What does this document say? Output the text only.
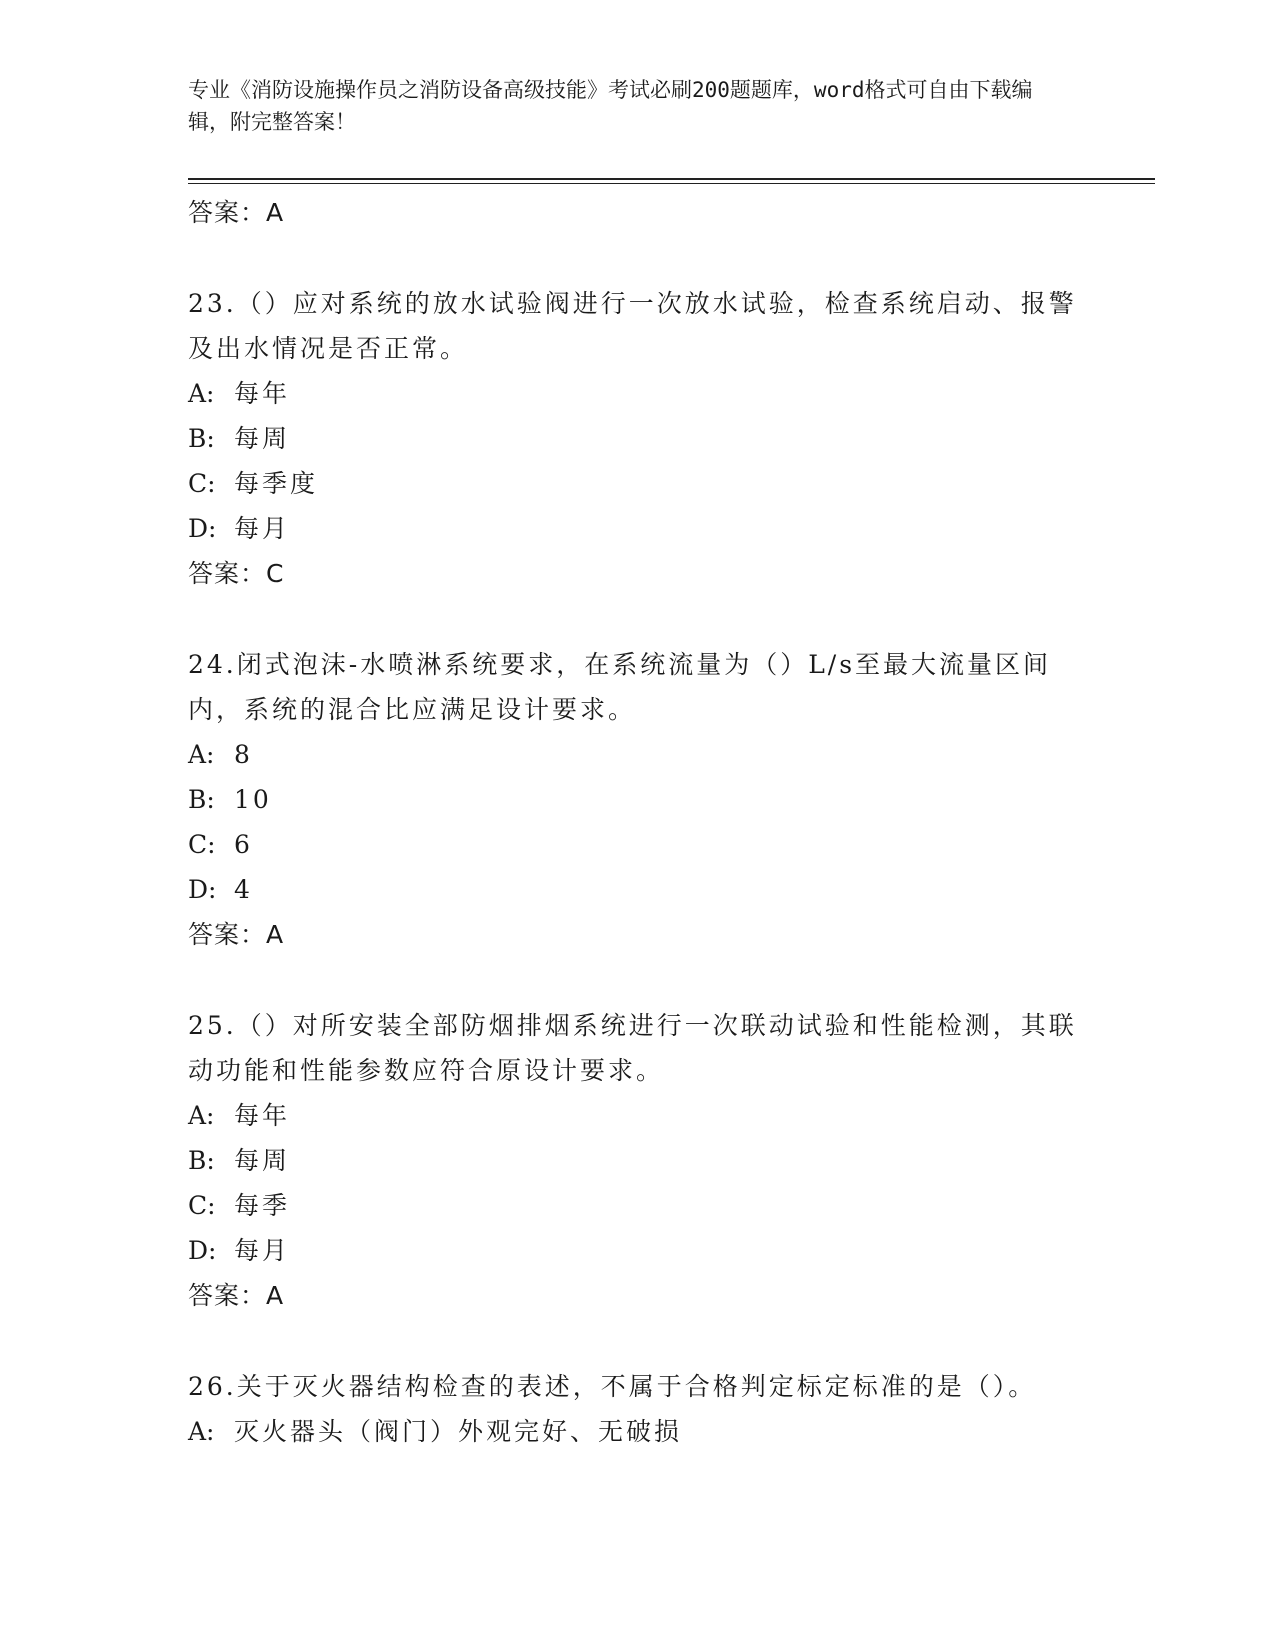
专业《消防设施操作员之消防设备高级技能》考试必刷200题题库，word格式可自由下载编辑，附完整答案！
答案：A
23.（）应对系统的放水试验阀进行一次放水试验，检查系统启动、报警及出水情况是否正常。
A: 每年
B: 每周
C: 每季度
D: 每月
答案：C
24.闭式泡沫-水喷淋系统要求，在系统流量为（）L/s至最大流量区间内，系统的混合比应满足设计要求。
A: 8
B: 10
C: 6
D: 4
答案：A
25.（）对所安装全部防烟排烟系统进行一次联动试验和性能检测，其联动功能和性能参数应符合原设计要求。
A: 每年
B: 每周
C: 每季
D: 每月
答案：A
26.关于灭火器结构检查的表述，不属于合格判定标定标准的是（）。
A: 灭火器头（阀门）外观完好、无破损
